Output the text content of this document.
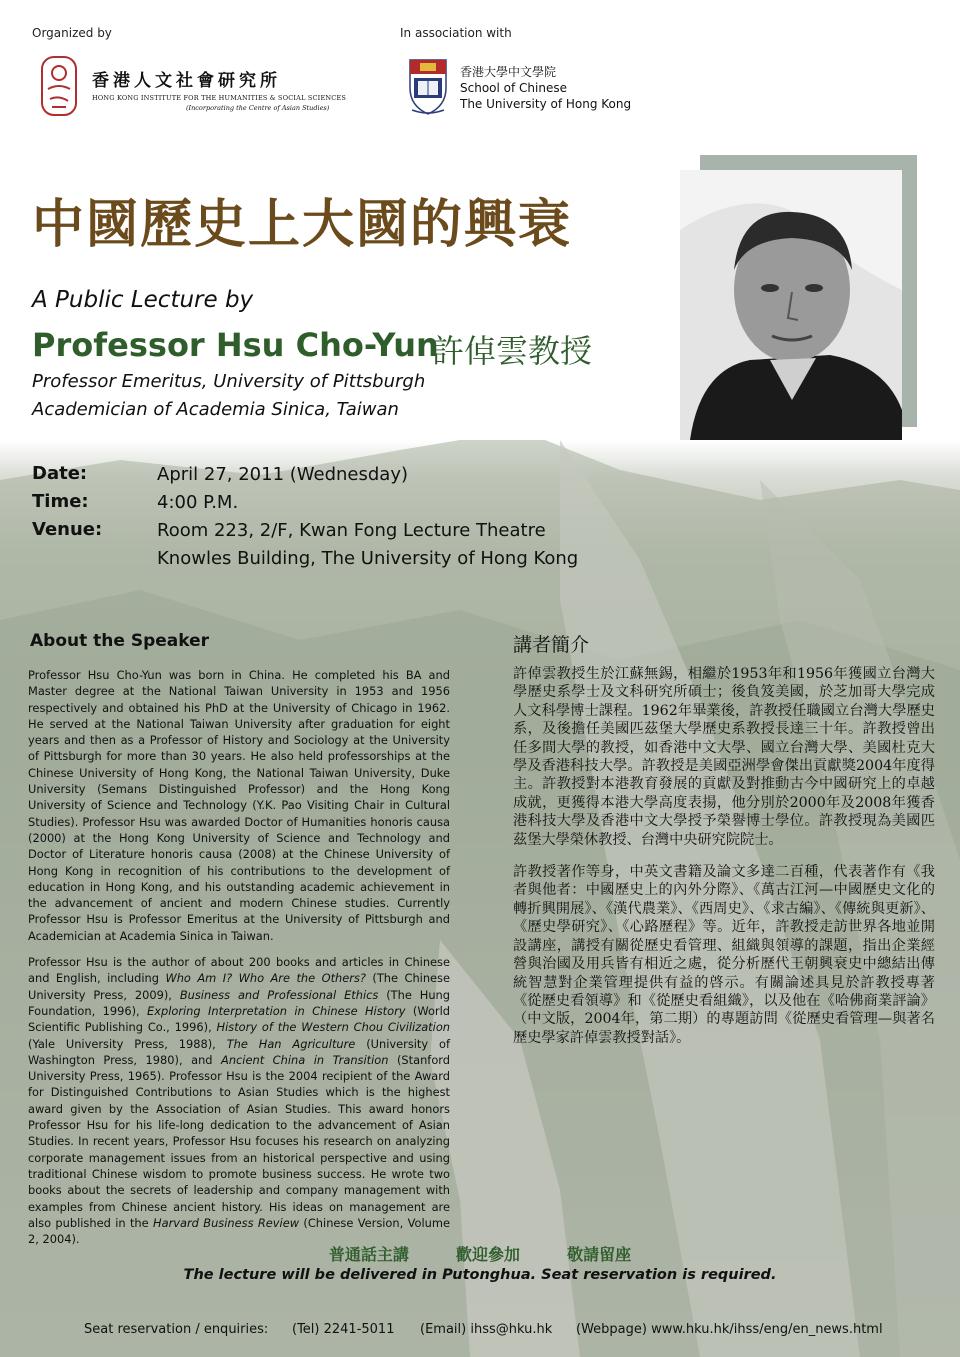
Organized by	In association with
香港人文社會研究所
HONG KONG INSTITUTE FOR THE HUMANITIES & SOCIAL SCIENCES
(Incorporating the Centre of Asian Studies)
香港大學中文學院
School of Chinese
The University of Hong Kong
中國歷史上大國的興衰
A Public Lecture by
Professor Hsu Cho-Yun
許倬雲教授
Professor Emeritus, University of Pittsburgh
Academician of Academia Sinica, Taiwan
Date:	April 27, 2011 (Wednesday)
Time:	4:00 P.M.
Venue:	Room 223, 2/F, Kwan Fong Lecture Theatre
Knowles Building, The University of Hong Kong
About the Speaker

Professor Hsu Cho-Yun was born in China. He completed his BA and Master degree at the National Taiwan University in 1953 and 1956 respectively and obtained his PhD at the University of Chicago in 1962. He served at the National Taiwan University after graduation for eight years and then as a Professor of History and Sociology at the University of Pittsburgh for more than 30 years. He also held professorships at the Chinese University of Hong Kong, the National Taiwan University, Duke University (Semans Distinguished Professor) and the Hong Kong University of Science and Technology (Y.K. Pao Visiting Chair in Cultural Studies). Professor Hsu was awarded Doctor of Humanities honoris causa (2000) at the Hong Kong University of Science and Technology and Doctor of Literature honoris causa (2008) at the Chinese University of Hong Kong in recognition of his contributions to the development of education in Hong Kong, and his outstanding academic achievement in the advancement of ancient and modern Chinese studies. Currently Professor Hsu is Professor Emeritus at the University of Pittsburgh and Academician at Academia Sinica in Taiwan.

Professor Hsu is the author of about 200 books and articles in Chinese and English, including Who Am I? Who Are the Others? (The Chinese University Press, 2009), Business and Professional Ethics (The Hung Foundation, 1996), Exploring Interpretation in Chinese History (World Scientific Publishing Co., 1996), History of the Western Chou Civilization (Yale University Press, 1988), The Han Agriculture (University of Washington Press, 1980), and Ancient China in Transition (Stanford University Press, 1965). Professor Hsu is the 2004 recipient of the Award for Distinguished Contributions to Asian Studies which is the highest award given by the Association of Asian Studies. This award honors Professor Hsu for his life-long dedication to the advancement of Asian Studies. In recent years, Professor Hsu focuses his research on analyzing corporate management issues from an historical perspective and using traditional Chinese wisdom to promote business success. He wrote two books about the secrets of leadership and company management with examples from Chinese ancient history. His ideas on management are also published in the Harvard Business Review (Chinese Version, Volume 2, 2004).

講者簡介

許倬雲教授生於江蘇無錫，相繼於1953年和1956年獲國立台灣大學歷史系學士及文科研究所碩士；後負笈美國，於芝加哥大學完成人文科學博士課程。1962年畢業後，許教授任職國立台灣大學歷史系，及後擔任美國匹茲堡大學歷史系教授長達三十年。許教授曾出任多間大學的教授，如香港中文大學、國立台灣大學、美國杜克大學及香港科技大學。許教授是美國亞洲學會傑出貢獻獎2004年度得主。許教授對本港教育發展的貢獻及對推動古今中國研究上的卓越成就，更獲得本港大學高度表揚，他分別於2000年及2008年獲香港科技大學及香港中文大學授予榮譽博士學位。許教授現為美國匹茲堡大學榮休教授、台灣中央研究院院士。

許教授著作等身，中英文書籍及論文多達二百種，代表著作有《我者與他者：中國歷史上的內外分際》、《萬古江河—中國歷史文化的轉折興開展》、《漢代農業》、《西周史》、《求古編》、《傳統與更新》、《歷史學研究》、《心路歷程》等。近年，許教授走訪世界各地並開設講座，講授有關從歷史看管理、組織與領導的課題，指出企業經營與治國及用兵皆有相近之處，從分析歷代王朝興衰史中總結出傳統智慧對企業管理提供有益的啓示。有關論述具見於許教授專著《從歷史看領導》和《從歷史看組織》，以及他在《哈佛商業評論》（中文版，2004年，第二期）的專題訪問《從歷史看管理—與著名歷史學家許倬雲教授對話》。

普通話主講	歡迎參加	敬請留座
The lecture will be delivered in Putonghua. Seat reservation is required.
Seat reservation / enquiries: (Tel) 2241-5011 (Email) ihss@hku.hk (Webpage) www.hku.hk/ihss/eng/en_news.html
